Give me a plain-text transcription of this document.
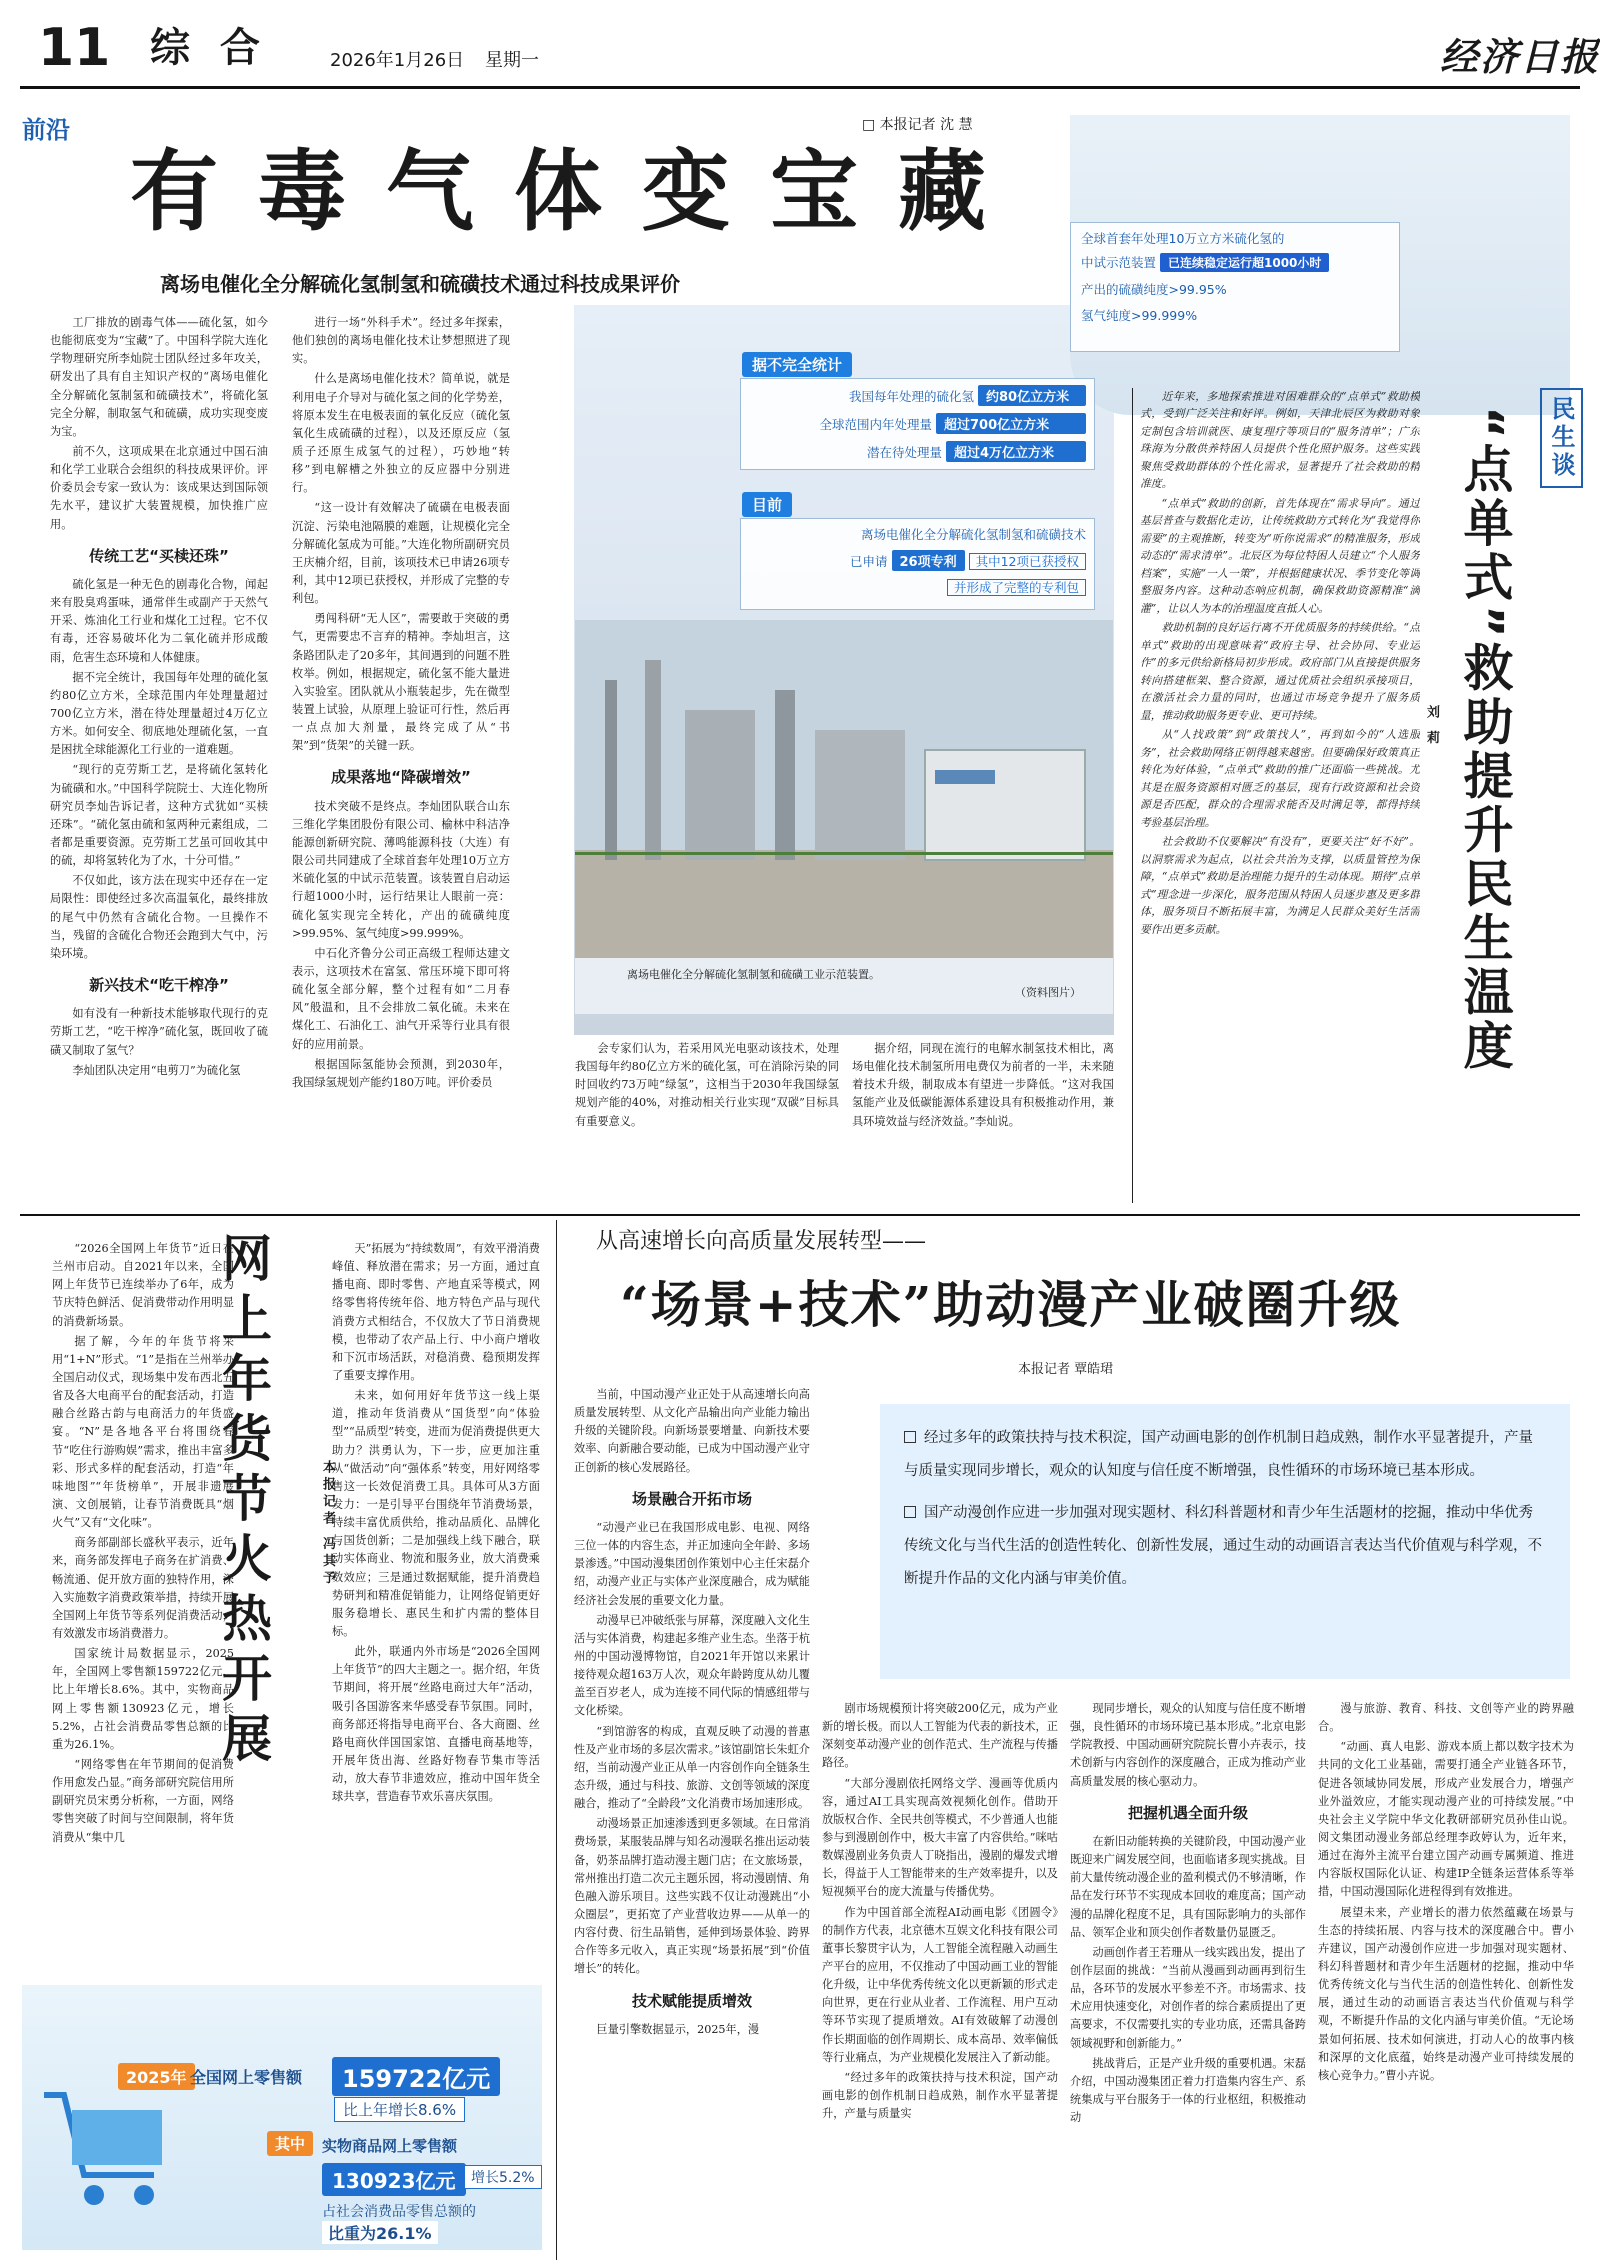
11 综 合	2026年1月26日 星期一	经济日报
前沿	□ 本报记者 沈 慧
有毒气体变宝藏
离场电催化全分解硫化氢制氢和硫磺技术通过科技成果评价

工厂排放的剧毒气体——硫化氢，如今也能彻底变为“宝藏”了。中国科学院大连化学物理研究所李灿院士团队经过多年攻关，研发出了具有自主知识产权的“离场电催化全分解硫化氢制氢和硫磺技术”，将硫化氢完全分解，制取氢气和硫磺，成功实现变废为宝。

前不久，这项成果在北京通过中国石油和化学工业联合会组织的科技成果评价。评价委员会专家一致认为：该成果达到国际领先水平，建议扩大装置规模，加快推广应用。

传统工艺“买椟还珠”

硫化氢是一种无色的剧毒化合物，闻起来有股臭鸡蛋味，通常伴生或副产于天然气开采、炼油化工行业和煤化工过程。它不仅有毒，还容易破坏化为二氧化硫并形成酸雨，危害生态环境和人体健康。

据不完全统计，我国每年处理的硫化氢约80亿立方米，全球范围内年处理量超过700亿立方米，潜在待处理量超过4万亿立方米。如何安全、彻底地处理硫化氢，一直是困扰全球能源化工行业的一道难题。

“现行的克劳斯工艺，是将硫化氢转化为硫磺和水。”中国科学院院士、大连化物所研究员李灿告诉记者，这种方式犹如“买椟还珠”。“硫化氢由硫和氢两种元素组成，二者都是重要资源。克劳斯工艺虽可回收其中的硫，却将氢转化为了水，十分可惜。”

不仅如此，该方法在现实中还存在一定局限性：即使经过多次高温氧化，最终排放的尾气中仍然有含硫化合物。一旦操作不当，残留的含硫化合物还会跑到大气中，污染环境。

新兴技术“吃干榨净”

如有没有一种新技术能够取代现行的克劳斯工艺，“吃干榨净”硫化氢，既回收了硫磺又制取了氢气？

李灿团队决定用“电剪刀”为硫化氢

进行一场“外科手术”。经过多年探索，他们独创的离场电催化技术让梦想照进了现实。

什么是离场电催化技术？简单说，就是利用电子介导对与硫化氢之间的化学势差，将原本发生在电极表面的氧化反应（硫化氢氧化生成硫磺的过程），以及还原反应（氢质子还原生成氢气的过程），巧妙地“转移”到电解槽之外独立的反应器中分别进行。

“这一设计有效解决了硫磺在电极表面沉淀、污染电池隔膜的难题，让规模化完全分解硫化氢成为可能。”大连化物所副研究员王庆楠介绍，目前，该项技术已申请26项专利，其中12项已获授权，并形成了完整的专利包。

勇闯科研“无人区”，需要敢于突破的勇气，更需要忠不言弃的精神。李灿坦言，这条路团队走了20多年，其间遇到的问题不胜枚举。例如，根据规定，硫化氢不能大量进入实验室。团队就从小瓶装起步，先在微型装置上试验，从原理上验证可行性，然后再一点点加大剂量，最终完成了从“书架”到“货架”的关键一跃。

成果落地“降碳增效”

技术突破不是终点。李灿团队联合山东三维化学集团股份有限公司、榆林中科洁净能源创新研究院、薄鸣能源科技（大连）有限公司共同建成了全球首套年处理10万立方米硫化氢的中试示范装置。该装置自启动运行超1000小时，运行结果让人眼前一亮：硫化氢实现完全转化，产出的硫磺纯度>99.95%、氢气纯度>99.999%。

中石化齐鲁分公司正高级工程师达建文表示，这项技术在富氢、常压环境下即可将硫化氢全部分解，整个过程有如“二月春风”般温和，且不会排放二氧化硫。未来在煤化工、石油化工、油气开采等行业具有很好的应用前景。

根据国际氢能协会预测，到2030年，我国绿氢规划产能约180万吨。评价委员

离场电催化全分解硫化氢制氢和硫磺工业示范装置。
（资料图片）
全球首套年处理10万立方米硫化氢的
中试示范装置 已连续稳定运行超1000小时
产出的硫磺纯度>99.95%
氢气纯度>99.999%
据不完全统计
我国每年处理的硫化氢 约80亿立方米
全球范围内年处理量 超过700亿立方米
潜在待处理量 超过4万亿立方米
目前
离场电催化全分解硫化氢制氢和硫磺技术
已申请 26项专利 其中12项已获授权
并形成了完整的专利包

会专家们认为，若采用风光电驱动该技术，处理我国每年约80亿立方米的硫化氢，可在消除污染的同时回收约73万吨“绿氢”，这相当于2030年我国绿氢规划产能的40%，对推动相关行业实现“双碳”目标具有重要意义。

据介绍，同现在流行的电解水制氢技术相比，离场电催化技术制氢所用电费仅为前者的一半，未来随着技术升级，制取成本有望进一步降低。“这对我国氢能产业及低碳能源体系建设具有积极推动作用，兼具环境效益与经济效益。”李灿说。

近年来，多地探索推进对困难群众的“点单式”救助模式，受到广泛关注和好评。例如，天津北辰区为救助对象定制包含培训就医、康复理疗等项目的“服务清单”；广东珠海为分散供养特困人员提供个性化照护服务。这些实践聚焦受救助群体的个性化需求，显著提升了社会救助的精准度。

“点单式”救助的创新，首先体现在“需求导向”。通过基层普查与数据化走访，让传统救助方式转化为“我觉得你需要”的主观推断，转变为“听你说需求”的精准服务，形成动态的“需求清单”。北辰区为每位特困人员建立“个人服务档案”，实施“一人一策”，并根据健康状况、季节变化等调整服务内容。这种动态响应机制，确保救助资源精准“滴灌”，让以人为本的治理温度直抵人心。

救助机制的良好运行离不开优质服务的持续供给。“点单式”救助的出现意味着“政府主导、社会协同、专业运作”的多元供给新格局初步形成。政府部门从直接提供服务转向搭建框架、整合资源，通过优质社会组织承接项目，在激活社会力量的同时，也通过市场竞争提升了服务质量，推动救助服务更专业、更可持续。

从“人找政策”到“政策找人”，再到如今的“人选服务”，社会救助网络正朝得越来越密。但要确保好政策真正转化为好体验，“点单式”救助的推广还面临一些挑战。尤其是在服务资源相对匮乏的基层，现有行政资源和社会资源是否匹配，群众的合理需求能否及时满足等，都得持续考验基层治理。

社会救助不仅要解决“有没有”，更要关注“好不好”。以洞察需求为起点，以社会共治为支撑，以质量管控为保障，“点单式”救助是治理能力提升的生动体现。期待“点单式”理念进一步深化，服务范围从特困人员逐步惠及更多群体，服务项目不断拓展丰富，为满足人民群众美好生活需要作出更多贡献。

民生谈
“点单式”救助提升民生温度
刘 莉

“2026全国网上年货节”近日在兰州市启动。自2021年以来，全国网上年货节已连续举办了6年，成为节庆特色鲜活、促消费带动作用明显的消费新场景。

据了解，今年的年货节将采用“1+N”形式。“1”是指在兰州举办全国启动仪式，现场集中发布西北五省及各大电商平台的配套活动，打造融合丝路古韵与电商活力的年货盛宴。“N”是各地各平台将围绕春节“吃住行游购娱”需求，推出丰富多彩、形式多样的配套活动，打造“年味地图”“年货榜单”，开展非遗展演、文创展销，让春节消费既具“烟火气”又有“文化味”。

商务部副部长盛秋平表示，近年来，商务部发挥电子商务在扩消费、畅流通、促开放方面的独特作用，深入实施数字消费政策举措，持续开展全国网上年货节等系列促消费活动，有效激发市场消费潜力。

国家统计局数据显示，2025年，全国网上零售额159722亿元，比上年增长8.6%。其中，实物商品网上零售额130923亿元，增长5.2%，占社会消费品零售总额的比重为26.1%。

“网络零售在年节期间的促消费作用愈发凸显。”商务部研究院信用所副研究员宋勇分析称，一方面，网络零售突破了时间与空间限制，将年货消费从“集中几

网上年货节火热开展	本报记者 冯其予

天”拓展为“持续数周”，有效平滑消费峰值、释放潜在需求；另一方面，通过直播电商、即时零售、产地直采等模式，网络零售将传统年俗、地方特色产品与现代消费方式相结合，不仅放大了节日消费规模，也带动了农产品上行、中小商户增收和下沉市场活跃，对稳消费、稳预期发挥了重要支撑作用。

未来，如何用好年货节这一线上渠道，推动年货消费从“国货型”向“体验型”“品质型”转变，进而为促消费提供更大助力？洪勇认为，下一步，应更加注重从“做活动”向“强体系”转变，用好网络零售这一长效促消费工具。具体可从3方面发力：一是引导平台围绕年节消费场景，持续丰富优质供给，推动品质化、品牌化与国货创新；二是加强线上线下融合，联动实体商业、物流和服务业，放大消费乘数效应；三是通过数据赋能，提升消费趋势研判和精准促销能力，让网络促销更好服务稳增长、惠民生和扩内需的整体目标。

此外，联通内外市场是“2026全国网上年货节”的四大主题之一。据介绍，年货节期间，将开展“丝路电商过大年”活动，吸引各国游客来华感受春节氛围。同时，商务部还将指导电商平台、各大商圈、丝路电商伙伴国国家馆、直播电商基地等，开展年货出海、丝路好物春节集市等活动，放大春节非遗效应，推动中国年货全球共享，营造春节欢乐喜庆氛围。

2025年 全国网上零售额	159722亿元
比上年增长8.6%
其中	实物商品网上零售额
130923亿元	增长5.2%
占社会消费品零售总额的
比重为26.1%
从高速增长向高质量发展转型——
“场景+技术”助动漫产业破圈升级
本报记者 覃皓珺

当前，中国动漫产业正处于从高速增长向高质量发展转型、从文化产品输出向产业能力输出升级的关键阶段。向新场景要增量、向新技术要效率、向新融合要动能，已成为中国动漫产业守正创新的核心发展路径。

场景融合开拓市场

“动漫产业已在我国形成电影、电视、网络三位一体的内容生态，并正加速向全年龄、多场景渗透。”中国动漫集团创作策划中心主任宋磊介绍，动漫产业正与实体产业深度融合，成为赋能经济社会发展的重要文化力量。

动漫早已冲破纸张与屏幕，深度融入文化生活与实体消费，构建起多维产业生态。坐落于杭州的中国动漫博物馆，自2021年开馆以来累计接待观众超163万人次，观众年龄跨度从幼儿覆盖至百岁老人，成为连接不同代际的情感纽带与文化桥梁。

“到馆游客的构成，直观反映了动漫的普惠性及产业市场的多层次需求。”该馆副馆长朱虹介绍，当前动漫产业正从单一内容创作向全链条生态升级，通过与科技、旅游、文创等领域的深度融合，推动了“全龄段”文化消费市场加速形成。

动漫场景正加速渗透到更多领域。在日常消费场景，某服装品牌与知名动漫联名推出运动装备，奶茶品牌打造动漫主题门店；在文旅场景，常州推出打造二次元主题乐园，将动漫剧情、角色融入游乐项目。这些实践不仅让动漫跳出“小众圈层”，更拓宽了产业营收边界——从单一的内容付费、衍生品销售，延伸到场景体验、跨界合作等多元收入，真正实现“场景拓展”到“价值增长”的转化。

技术赋能提质增效

巨量引擎数据显示，2025年，漫

经过多年的政策扶持与技术积淀，国产动画电影的创作机制日趋成熟，制作水平显著提升，产量与质量实现同步增长，观众的认知度与信任度不断增强，良性循环的市场环境已基本形成。
国产动漫创作应进一步加强对现实题材、科幻科普题材和青少年生活题材的挖掘，推动中华优秀传统文化与当代生活的创造性转化、创新性发展，通过生动的动画语言表达当代价值观与科学观，不断提升作品的文化内涵与审美价值。

剧市场规模预计将突破200亿元，成为产业新的增长极。而以人工智能为代表的新技术，正深刻变革动漫产业的创作范式、生产流程与传播路径。

“大部分漫剧依托网络文学、漫画等优质内容，通过AI工具实现高效视频化创作。借助开放版权合作、全民共创等模式，不少普通人也能参与到漫剧创作中，极大丰富了内容供给。”咪咕数媒漫剧业务负责人丁晓指出，漫剧的爆发式增长，得益于人工智能带来的生产效率提升，以及短视频平台的庞大流量与传播优势。

作为中国首部全流程AI动画电影《团圆令》的制作方代表，北京德木互娱文化科技有限公司董事长黎贯宇认为，人工智能全流程融入动画生产平台的应用，不仅推动了中国动画工业的智能化升级，让中华优秀传统文化以更新颖的形式走向世界，更在行业从业者、工作流程、用户互动等环节实现了提质增效。AI有效破解了动漫创作长期面临的创作周期长、成本高昂、效率偏低等行业痛点，为产业规模化发展注入了新动能。

“经过多年的政策扶持与技术积淀，国产动画电影的创作机制日趋成熟，制作水平显著提升，产量与质量实

现同步增长，观众的认知度与信任度不断增强，良性循环的市场环境已基本形成。”北京电影学院教授、中国动画研究院院长曹小卉表示，技术创新与内容创作的深度融合，正成为推动产业高质量发展的核心驱动力。

把握机遇全面升级

在新旧动能转换的关键阶段，中国动漫产业既迎来广阔发展空间，也面临诸多现实挑战。目前大量传统动漫企业的盈利模式仍不够清晰，作品在发行环节不实现成本回收的难度高；国产动漫的品牌化程度不足，具有国际影响力的头部作品、领军企业和顶尖创作者数量仍显匮乏。

动画创作者王若珊从一线实践出发，提出了创作层面的挑战：“当前从漫画到动画再到衍生品，各环节的发展水平参差不齐。市场需求、技术应用快速变化，对创作者的综合素质提出了更高要求，不仅需要扎实的专业功底，还需具备跨领域视野和创新能力。”

挑战背后，正是产业升级的重要机遇。宋磊介绍，中国动漫集团正着力打造集内容生产、系统集成与平台服务于一体的行业枢纽，积极推动动

漫与旅游、教育、科技、文创等产业的跨界融合。

“动画、真人电影、游戏本质上都以数字技术为共同的文化工业基础，需要打通全产业链各环节，促进各领域协同发展，形成产业发展合力，增强产业外溢效应，才能实现动漫产业的可持续发展。”中央社会主义学院中华文化教研部研究员孙佳山说。阅文集团动漫业务部总经理李政婷认为，近年来，通过在海外主流平台建立国产动画专属频道、推进内容版权国际化认证、构建IP全链条运营体系等举措，中国动漫国际化进程得到有效推进。

展望未来，产业增长的潜力依然蕴藏在场景与生态的持续拓展、内容与技术的深度融合中。曹小卉建议，国产动漫创作应进一步加强对现实题材、科幻科普题材和青少年生活题材的挖掘，推动中华优秀传统文化与当代生活的创造性转化、创新性发展，通过生动的动画语言表达当代价值观与科学观，不断提升作品的文化内涵与审美价值。“无论场景如何拓展、技术如何演进，打动人心的故事内核和深厚的文化底蕴，始终是动漫产业可持续发展的核心竞争力。”曹小卉说。
